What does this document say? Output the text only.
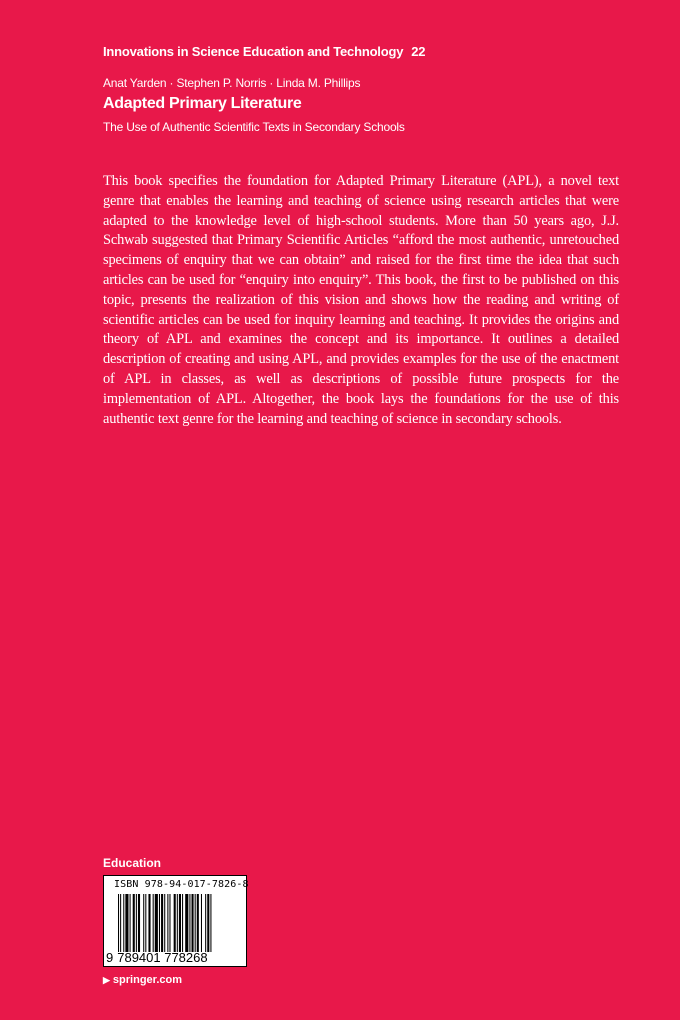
Innovations in Science Education and Technology 22
Anat Yarden · Stephen P. Norris · Linda M. Phillips
Adapted Primary Literature
The Use of Authentic Scientific Texts in Secondary Schools

This book specifies the foundation for Adapted Primary Literature (APL), a novel text genre that enables the learning and teaching of science using research articles that were adapted to the knowledge level of high-school students. More than 50 years ago, J.J. Schwab suggested that Primary Scientific Articles “afford the most authentic, unretouched specimens of enquiry that we can obtain” and raised for the first time the idea that such articles can be used for “enquiry into enquiry”. This book, the first to be published on this topic, presents the realization of this vision and shows how the reading and writing of scientific articles can be used for inquiry learning and teaching. It provides the origins and theory of APL and examines the concept and its importance. It outlines a detailed description of creating and using APL, and provides examples for the use of the enactment of APL in classes, as well as descriptions of possible future prospects for the implementation of APL. Altogether, the book lays the foundations for the use of this authentic text genre for the learning and teaching of science in secondary schools.

Education
ISBN 978-94-017-7826-8
9 789401 778268
▶ springer.com
